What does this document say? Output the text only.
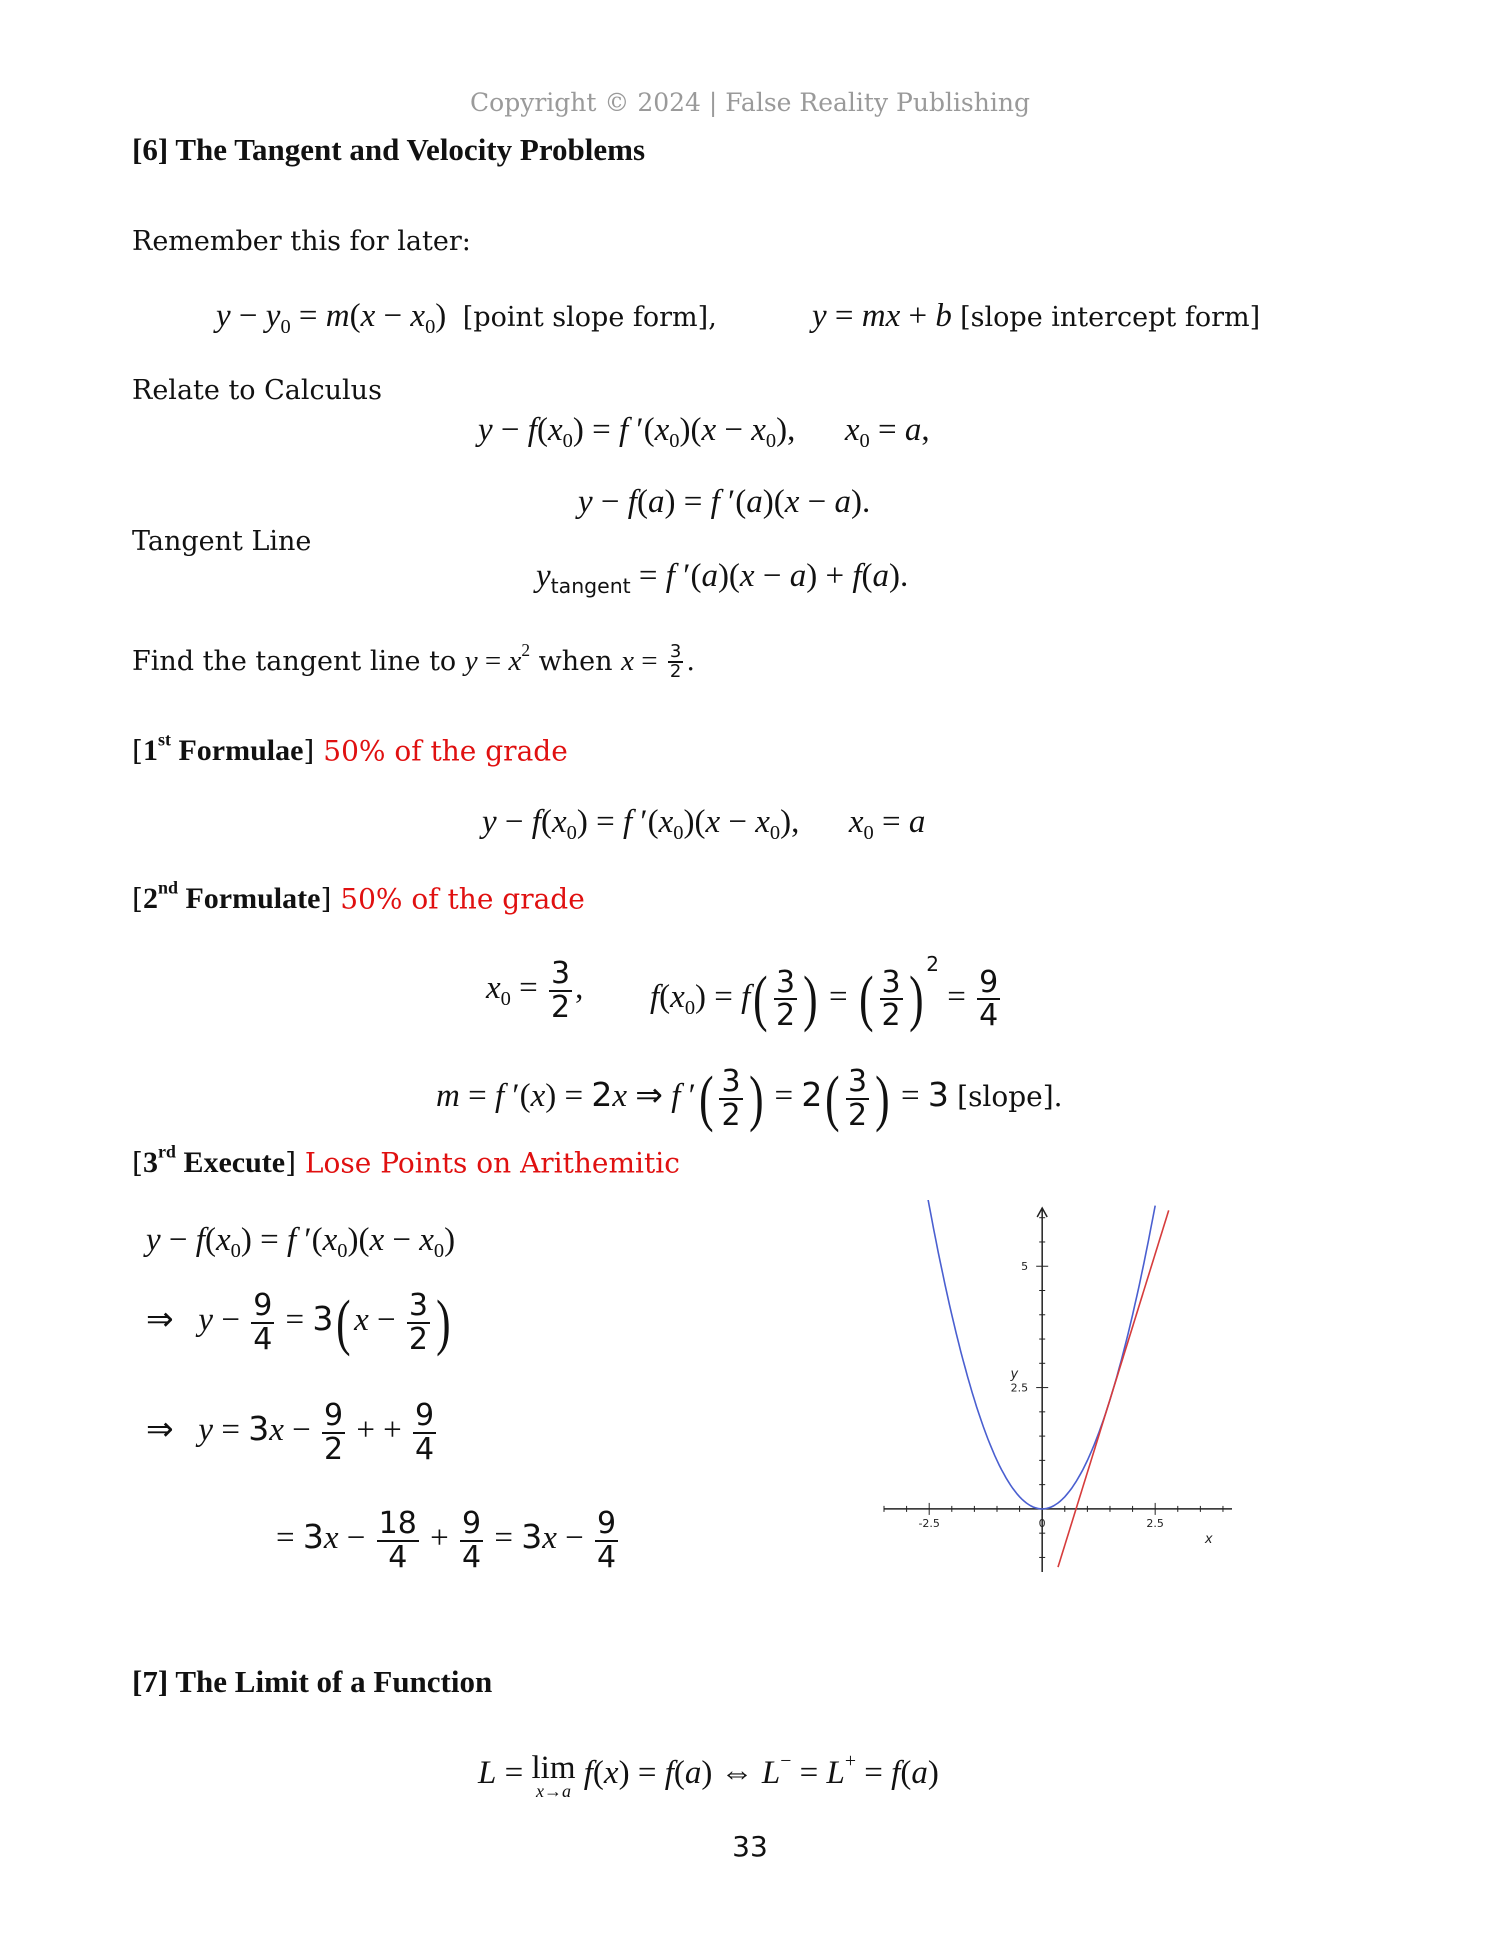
Copyright © 2024 | False Reality Publishing
[6] The Tangent and Velocity Problems
Remember this for later:
$y - y_0 = m(x - x_0)$  [point slope form],	y = mx + b [slope intercept form]
Relate to Calculus
$y - f(x_0) = f$ $'(x_0)(x - x_0)$,      $x_0 = a$,
y − f(a) = f ′(a)(x − a).
Tangent Line
$y_{tangent} = f$ ′(a)(x − a) + f(a).
Find the tangent line to $y = x^2$ when $x = \frac{3}{2}$ .
[1st Formulae] 50% of the grade
$y - f(x_0) = f$ $'(x_0)(x - x_0)$,      $x_0 = a$
[2nd Formulate] 50% of the grade
$x_0 = \frac{3}{2}$ , $f(x_0) = f( \frac{3}{2}$ ) = ( $\frac{3}{2} )^2 = \frac{9}{4}$
m = f ′(x) = 2x ⇒ f ′( $\frac{3}{2}$ ) = $2( \frac{3}{2}$ ) = 3 [slope].
[3rd Execute] Lose Points on Arithemitic
$y - f(x_0) = f$ $'(x_0)(x - x_0)$
⇒   $y - \frac{9}{4} = 3(x - \frac{3}{2}$ )
⇒   $y = 3x - \frac{9}{2}$ + + $\frac{9}{4}$
= $3x - \frac{18}{4} + \frac{9}{4} = 3x - \frac{9}{4}$	-2.5	0	2.5
2.5
5
x
y
[7] The Limit of a Function
L = lim
x→a
f(x) = f(a) ⇔ L− = L+ = f(a)
33
